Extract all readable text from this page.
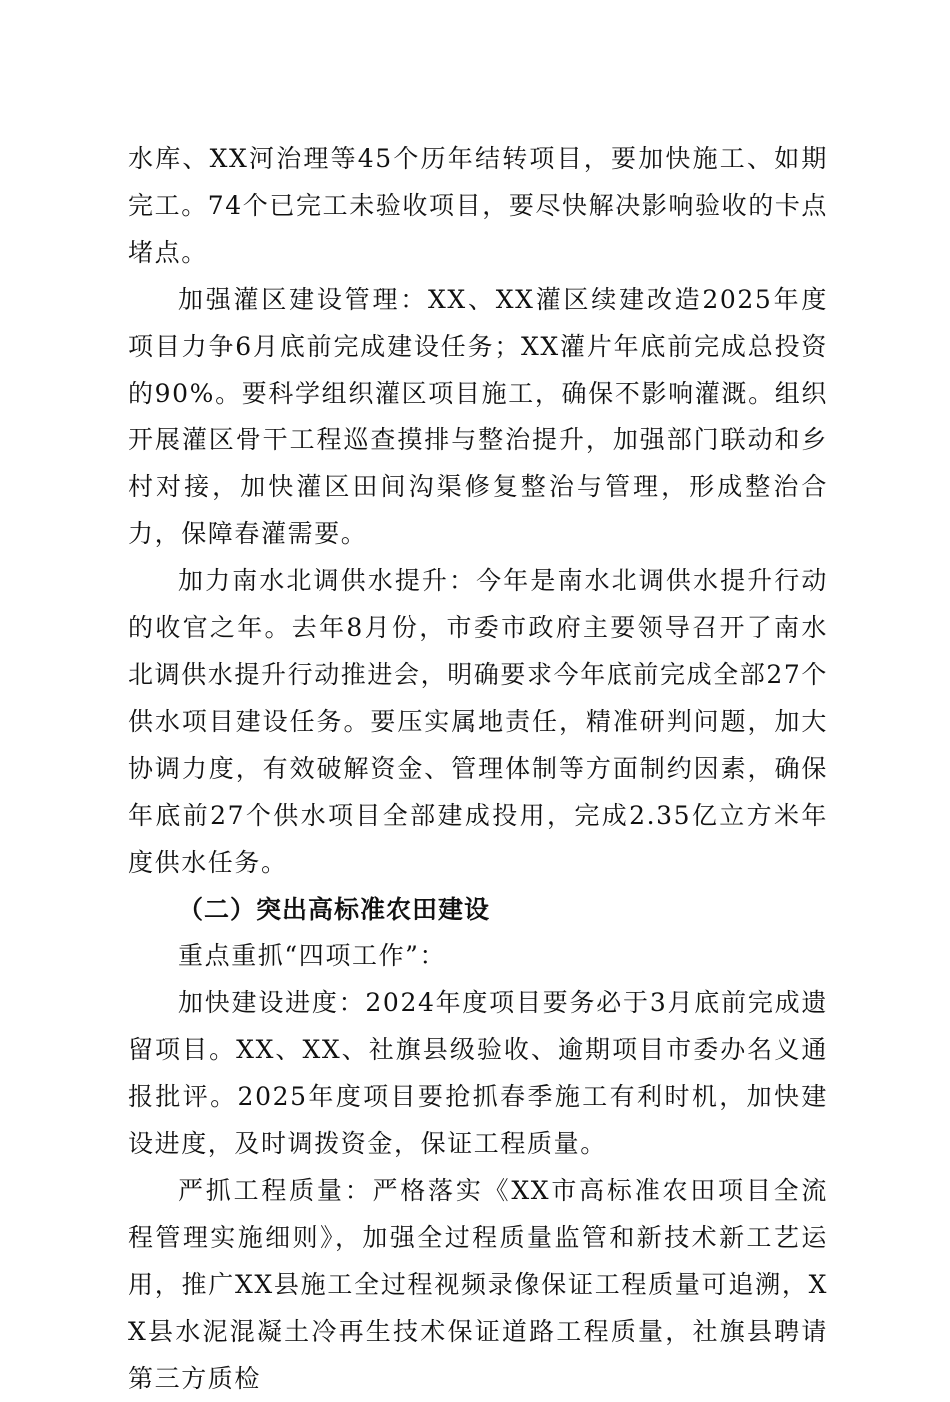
水库、XX河治理等45个历年结转项目，要加快施工、如期完工。74个已完工未验收项目，要尽快解决影响验收的卡点堵点。

加强灌区建设管理：XX、XX灌区续建改造2025年度项目力争6月底前完成建设任务；XX灌片年底前完成总投资的90%。要科学组织灌区项目施工，确保不影响灌溉。组织开展灌区骨干工程巡查摸排与整治提升，加强部门联动和乡村对接，加快灌区田间沟渠修复整治与管理，形成整治合力，保障春灌需要。

加力南水北调供水提升：今年是南水北调供水提升行动的收官之年。去年8月份，市委市政府主要领导召开了南水北调供水提升行动推进会，明确要求今年底前完成全部27个供水项目建设任务。要压实属地责任，精准研判问题，加大协调力度，有效破解资金、管理体制等方面制约因素，确保年底前27个供水项目全部建成投用，完成2.35亿立方米年度供水任务。

（二）突出高标准农田建设

重点重抓“四项工作”：

加快建设进度：2024年度项目要务必于3月底前完成遗留项目。XX、XX、社旗县级验收、逾期项目市委办名义通报批评。2025年度项目要抢抓春季施工有利时机，加快建设进度，及时调拨资金，保证工程质量。

严抓工程质量：严格落实《XX市高标准农田项目全流程管理实施细则》，加强全过程质量监管和新技术新工艺运用，推广XX县施工全过程视频录像保证工程质量可追溯，XX县水泥混凝土冷再生技术保证道路工程质量，社旗县聘请第三方质检
